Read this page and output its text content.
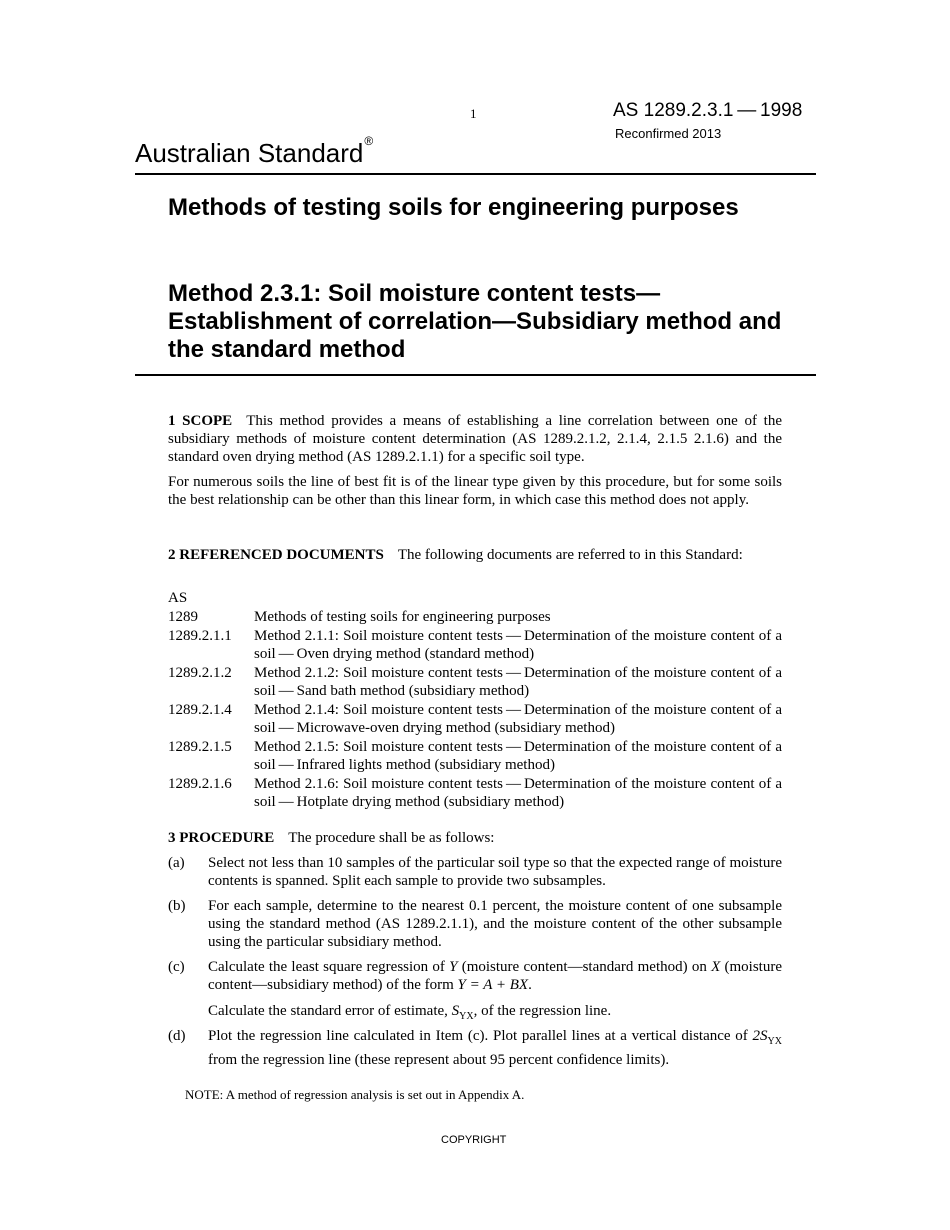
1	AS 1289.2.3.1 — 1998
Reconfirmed 2013
Australian Standard®
Methods of testing soils for engineering purposes
Method 2.3.1: Soil moisture content tests—Establishment of correlation—Subsidiary method and the standard method
1 SCOPE This method provides a means of establishing a line correlation between one of the subsidiary methods of moisture content determination (AS 1289.2.1.2, 2.1.4, 2.1.5 2.1.6) and the standard oven drying method (AS 1289.2.1.1) for a specific soil type.
For numerous soils the line of best fit is of the linear type given by this procedure, but for some soils the best relationship can be other than this linear form, in which case this method does not apply.
2 REFERENCED DOCUMENTS The following documents are referred to in this Standard:
AS
1289	Methods of testing soils for engineering purposes
1289.2.1.1	Method 2.1.1: Soil moisture content tests — Determination of the moisture content of a soil — Oven drying method (standard method)
1289.2.1.2	Method 2.1.2: Soil moisture content tests — Determination of the moisture content of a soil — Sand bath method (subsidiary method)
1289.2.1.4	Method 2.1.4: Soil moisture content tests — Determination of the moisture content of a soil — Microwave-oven drying method (subsidiary method)
1289.2.1.5	Method 2.1.5: Soil moisture content tests — Determination of the moisture content of a soil — Infrared lights method (subsidiary method)
1289.2.1.6	Method 2.1.6: Soil moisture content tests — Determination of the moisture content of a soil — Hotplate drying method (subsidiary method)
3 PROCEDURE The procedure shall be as follows:
(a)	Select not less than 10 samples of the particular soil type so that the expected range of moisture contents is spanned. Split each sample to provide two subsamples.
(b)	For each sample, determine to the nearest 0.1 percent, the moisture content of one subsample using the standard method (AS 1289.2.1.1), and the moisture content of the other subsample using the particular subsidiary method.
(c)	Calculate the least square regression of Y (moisture content—standard method) on X (moisture content—subsidiary method) of the form Y = A + BX.
Calculate the standard error of estimate, $S_{YX}$, of the regression line.
(d)	Plot the regression line calculated in Item (c). Plot parallel lines at a vertical distance of $2S_{YX}$ from the regression line (these represent about 95 percent confidence limits).
NOTE: A method of regression analysis is set out in Appendix A.
COPYRIGHT
